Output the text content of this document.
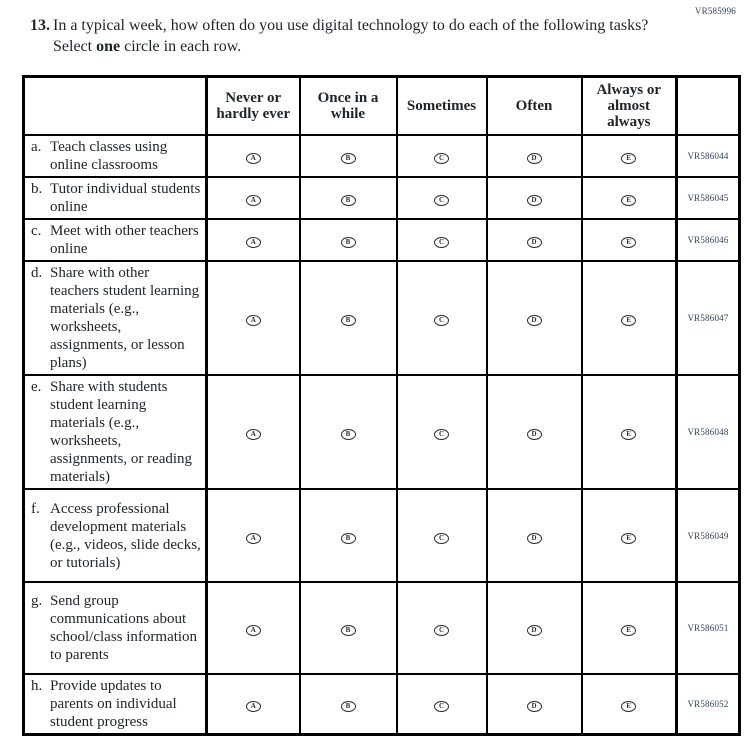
VR585996
13. In a typical week, how often do you use digital technology to do each of the following tasks? Select one circle in each row.
	Never or hardly ever	Once in a while	Sometimes	Often	Always or almost always	

a. Teach classes using online classrooms	A	B	C	D	E	VR586044

b. Tutor individual students online	A	B	C	D	E	VR586045

c. Meet with other teachers online	A	B	C	D	E	VR586046

d. Share with other teachers student learning materials (e.g., worksheets, assignments, or lesson plans)	A	B	C	D	E	VR586047

e. Share with students student learning materials (e.g., worksheets, assignments, or reading materials)	A	B	C	D	E	VR586048

f. Access professional development materials (e.g., videos, slide decks, or tutorials)	A	B	C	D	E	VR586049

g. Send group communications about school/class information to parents	A	B	C	D	E	VR586051

h. Provide updates to parents on individual student progress	A	B	C	D	E	VR586052
